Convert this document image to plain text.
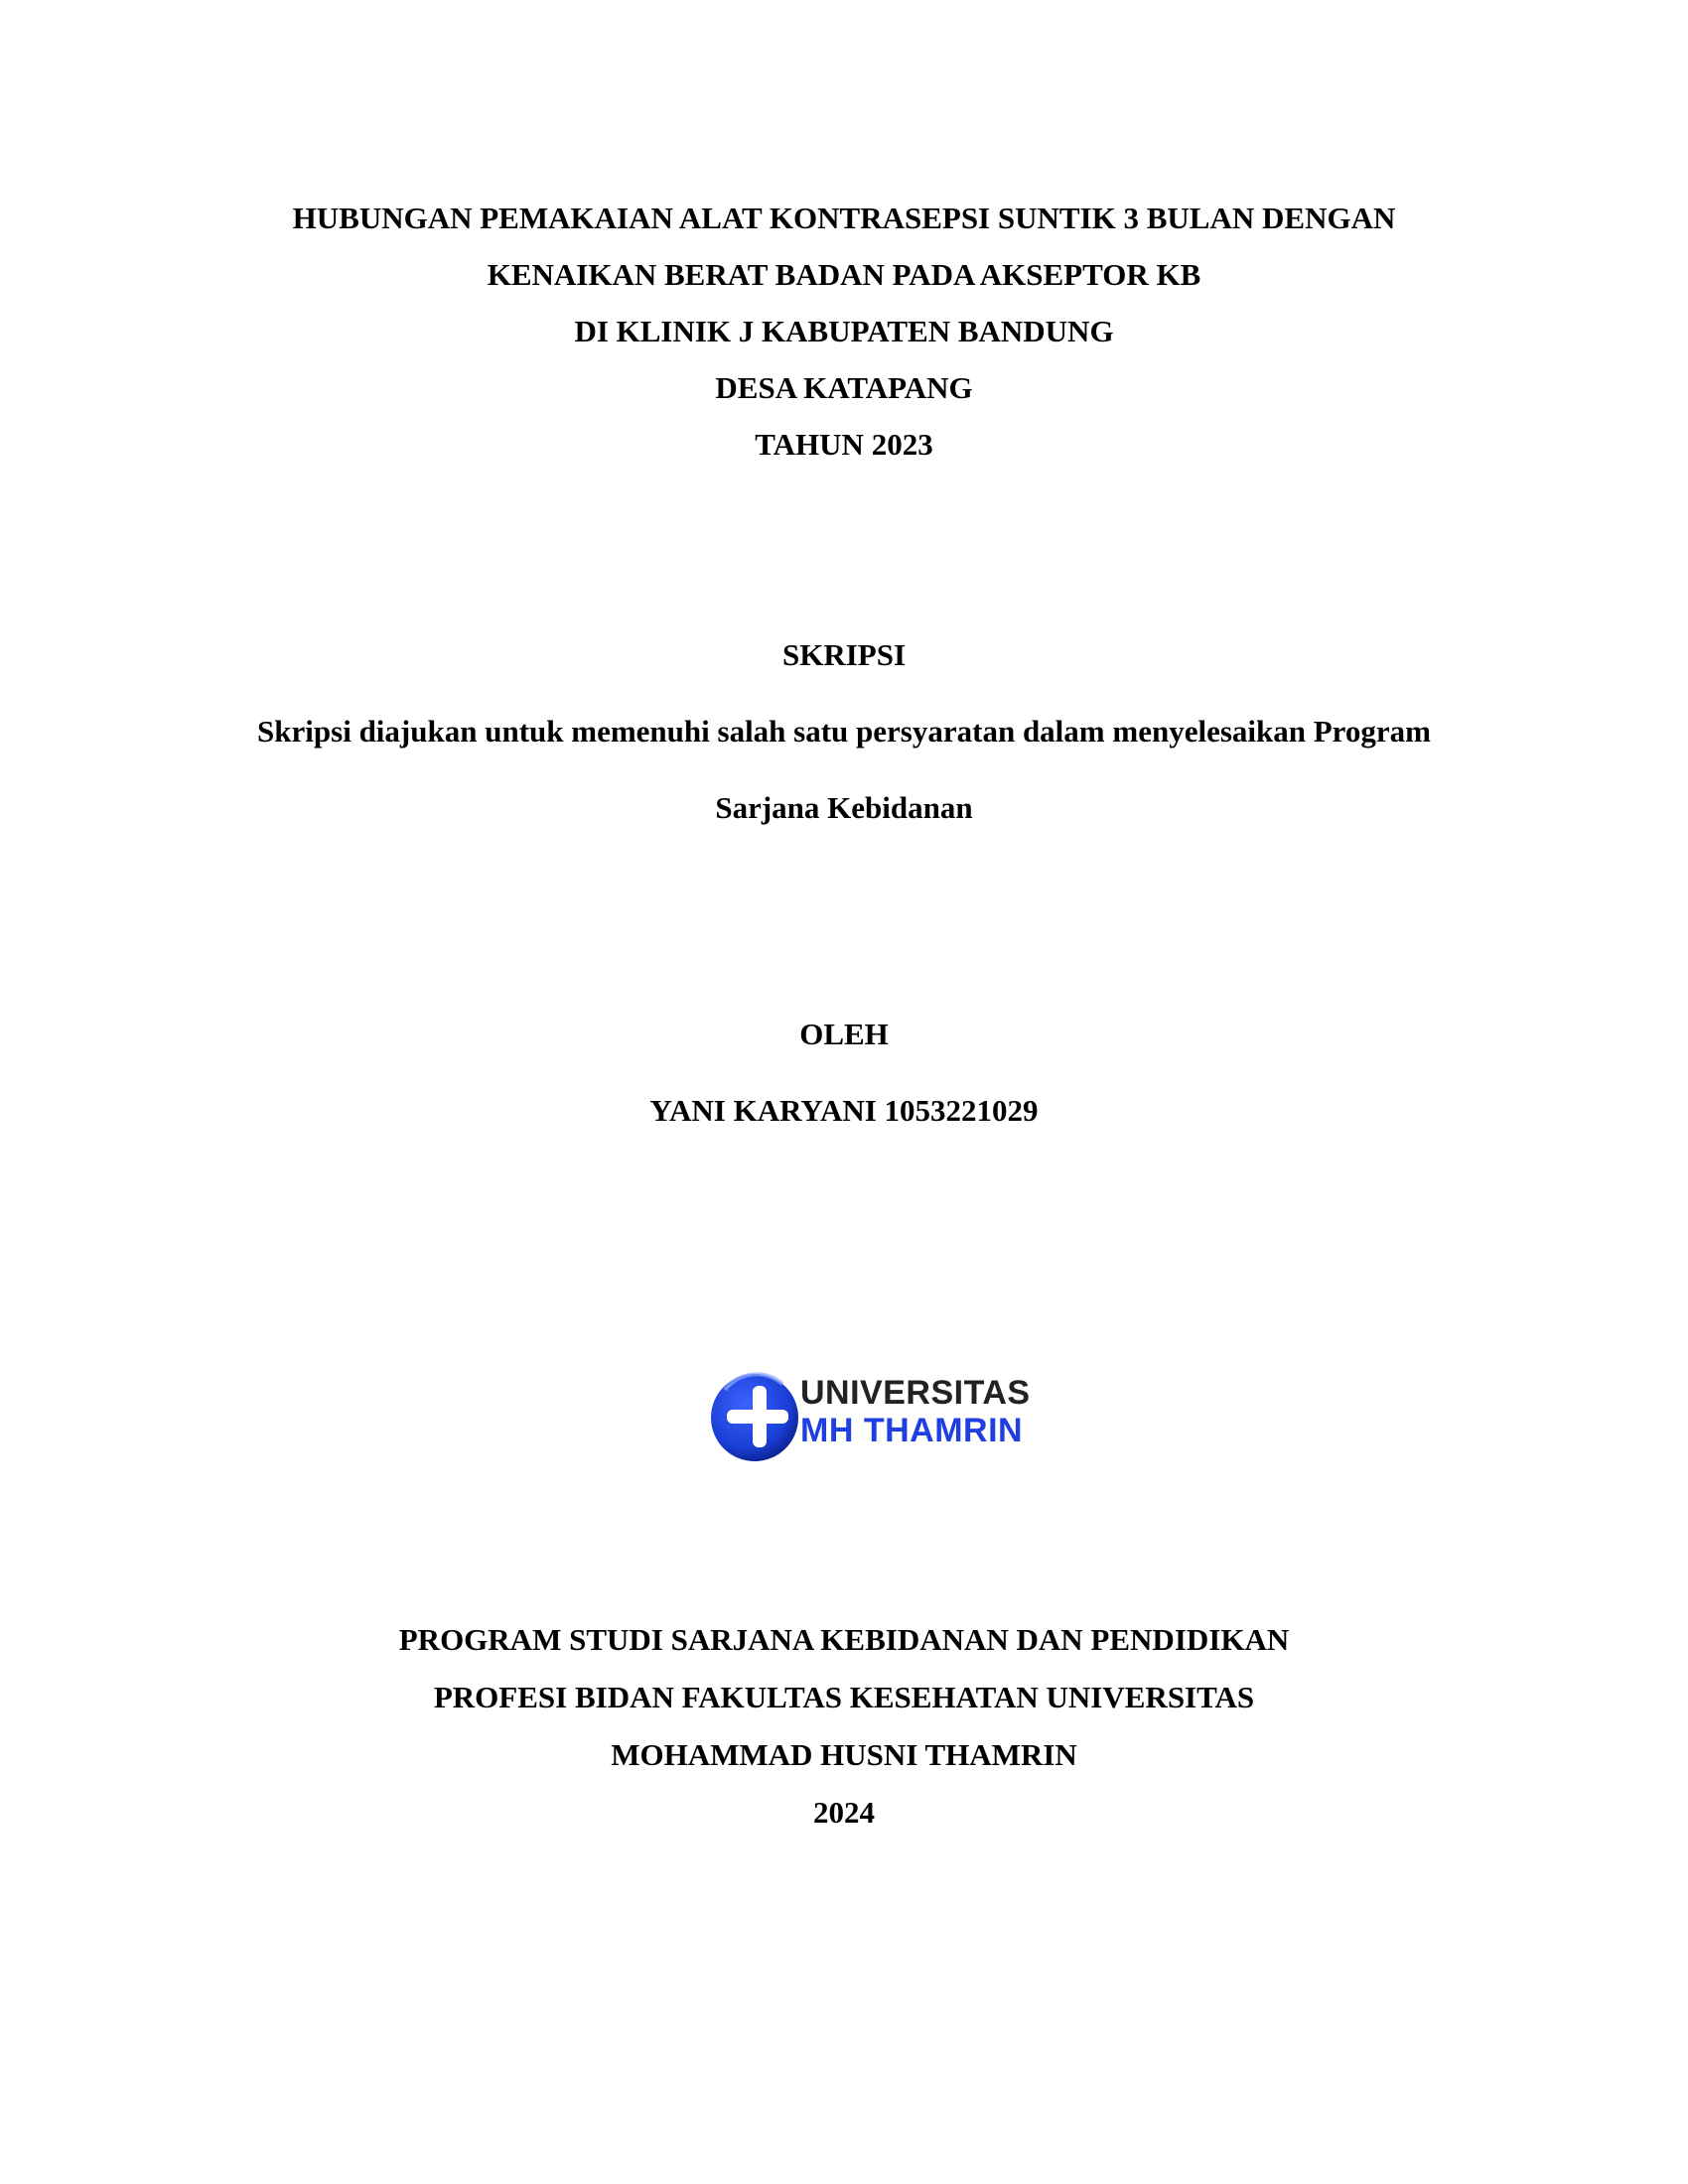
HUBUNGAN PEMAKAIAN ALAT KONTRASEPSI SUNTIK 3 BULAN DENGAN
KENAIKAN BERAT BADAN PADA AKSEPTOR KB
DI KLINIK J KABUPATEN BANDUNG
DESA KATAPANG
TAHUN 2023
SKRIPSI
Skripsi diajukan untuk memenuhi salah satu persyaratan dalam menyelesaikan Program
Sarjana Kebidanan
OLEH
YANI KARYANI 1053221029
UNIVERSITAS
MH THAMRIN
PROGRAM STUDI SARJANA KEBIDANAN DAN PENDIDIKAN
PROFESI BIDAN FAKULTAS KESEHATAN UNIVERSITAS
MOHAMMAD HUSNI THAMRIN
2024
